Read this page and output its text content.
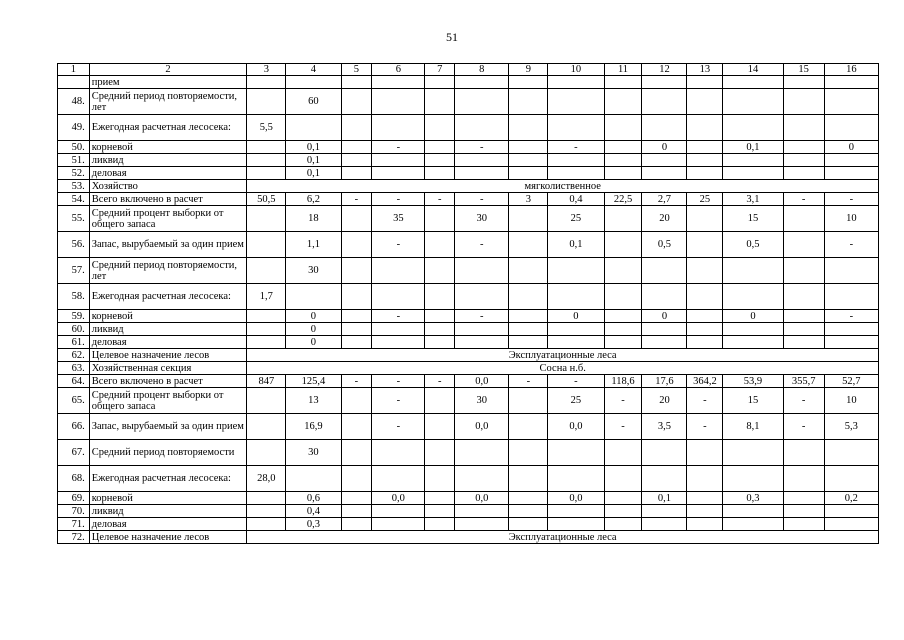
51
1	2	3	4	5	6	7	8	9	10	11	12	13	14	15	16
	прием														
48.	Средний период повторяемости, лет		60												
49.	Ежегодная расчетная лесосека:	5,5													
50.	корневой		0,1		-		-		-		0		0,1		0
51.	ликвид		0,1												
52.	деловая		0,1												
53.	Хозяйство	мягколиственное													
54.	Всего включено в расчет	50,5	6,2	-	-	-	-	3	0,4	22,5	2,7	25	3,1	-	-
55.	Средний процент выборки от общего запаса		18		35		30		25		20		15		10
56.	Запас, вырубаемый за один прием		1,1		-		-		0,1		0,5		0,5		-
57.	Средний период повторяемости, лет		30												
58.	Ежегодная расчетная лесосека:	1,7													
59.	корневой		0		-		-		0		0		0		-
60.	ликвид		0												
61.	деловая		0												
62.	Целевое назначение лесов	Эксплуатационные леса													
63.	Хозяйственная секция	Сосна н.б.													
64.	Всего включено в расчет	847	125,4	-	-	-	0,0	-	-	118,6	17,6	364,2	53,9	355,7	52,7
65.	Средний процент выборки от общего запаса		13		-		30		25	-	20	-	15	-	10
66.	Запас, вырубаемый за один прием		16,9		-		0,0		0,0	-	3,5	-	8,1	-	5,3
67.	Средний период повторяемости		30												
68.	Ежегодная расчетная лесосека:	28,0													
69.	корневой		0,6		0,0		0,0		0,0		0,1		0,3		0,2
70.	ликвид		0,4												
71.	деловая		0,3												
72.	Целевое назначение лесов	Эксплуатационные леса													
